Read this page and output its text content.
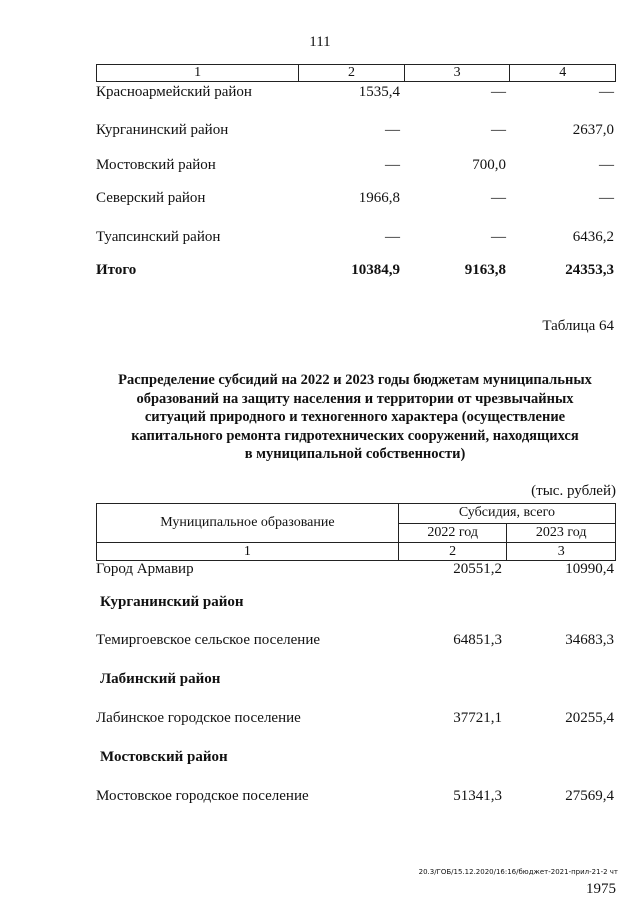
111
1	2	3	4
Красноармейский район	1535,4	—	—
Курганинский район	—	—	2637,0
Мостовский район	—	700,0	—
Северский район	1966,8	—	—
Туапсинский район	—	—	6436,2
Итого	10384,9	9163,8	24353,3
Таблица 64
Распределение субсидий на 2022 и 2023 годы бюджетам муниципальных
образований на защиту населения и территории от чрезвычайных
ситуаций природного и техногенного характера (осуществление
капитального ремонта гидротехнических сооружений, находящихся
в муниципальной собственности)
(тыс. рублей)
Муниципальное образование	Субсидия, всего	
	2022 год	2023 год
1	2	3
Город Армавир	20551,2	10990,4
Курганинский район
Темиргоевское сельское поселение	64851,3	34683,3
Лабинский район
Лабинское городское поселение	37721,1	20255,4
Мостовский район
Мостовское городское поселение	51341,3	27569,4
20.3/ГОБ/15.12.2020/16:16/бюджет-2021-прил-21-2 чт
1975
